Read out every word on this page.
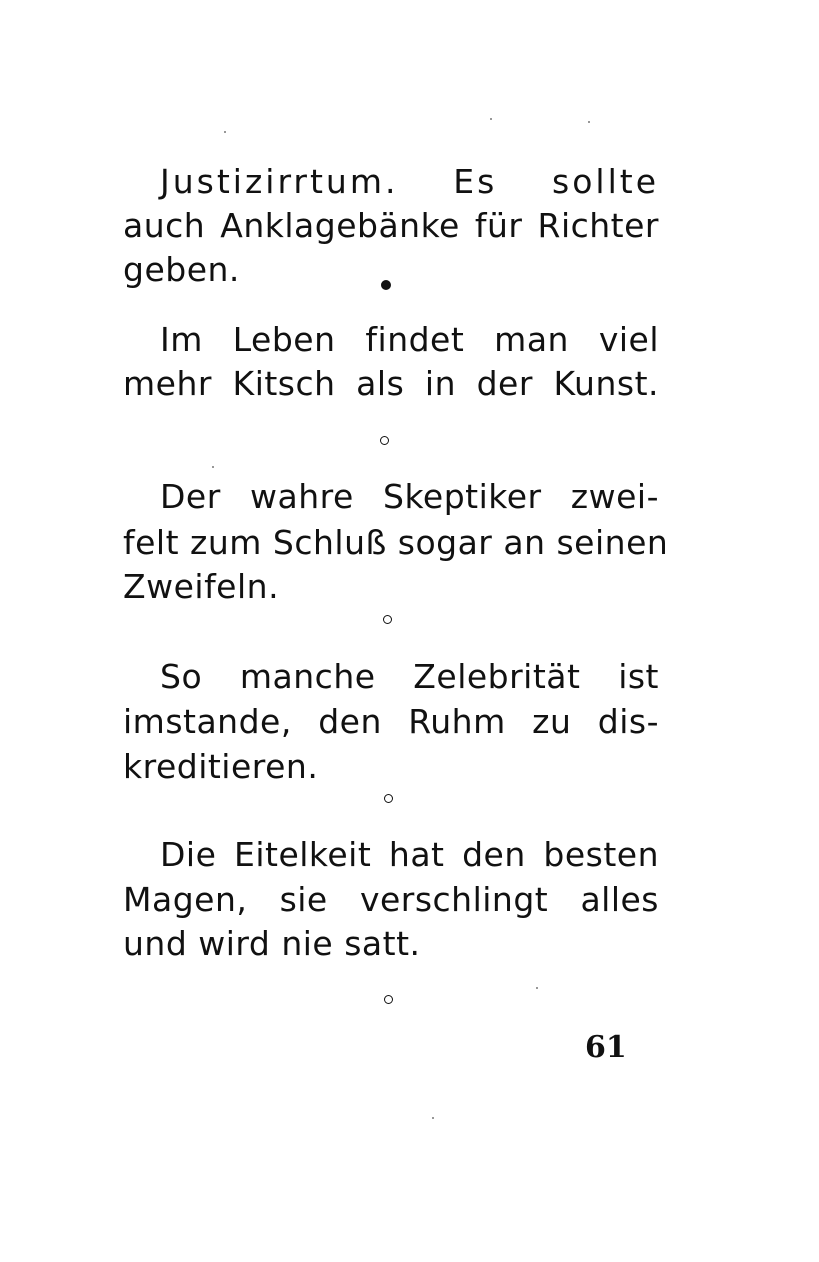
Justizirrtum. Es sollte
auch Anklagebänke für Richter
geben.
Im Leben findet man viel
mehr Kitsch als in der Kunst.
Der wahre Skeptiker zwei-
felt zum Schluß sogar an seinen
Zweifeln.
So manche Zelebrität ist
imstande, den Ruhm zu dis-
kreditieren.
Die Eitelkeit hat den besten
Magen, sie verschlingt alles
und wird nie satt.
61
